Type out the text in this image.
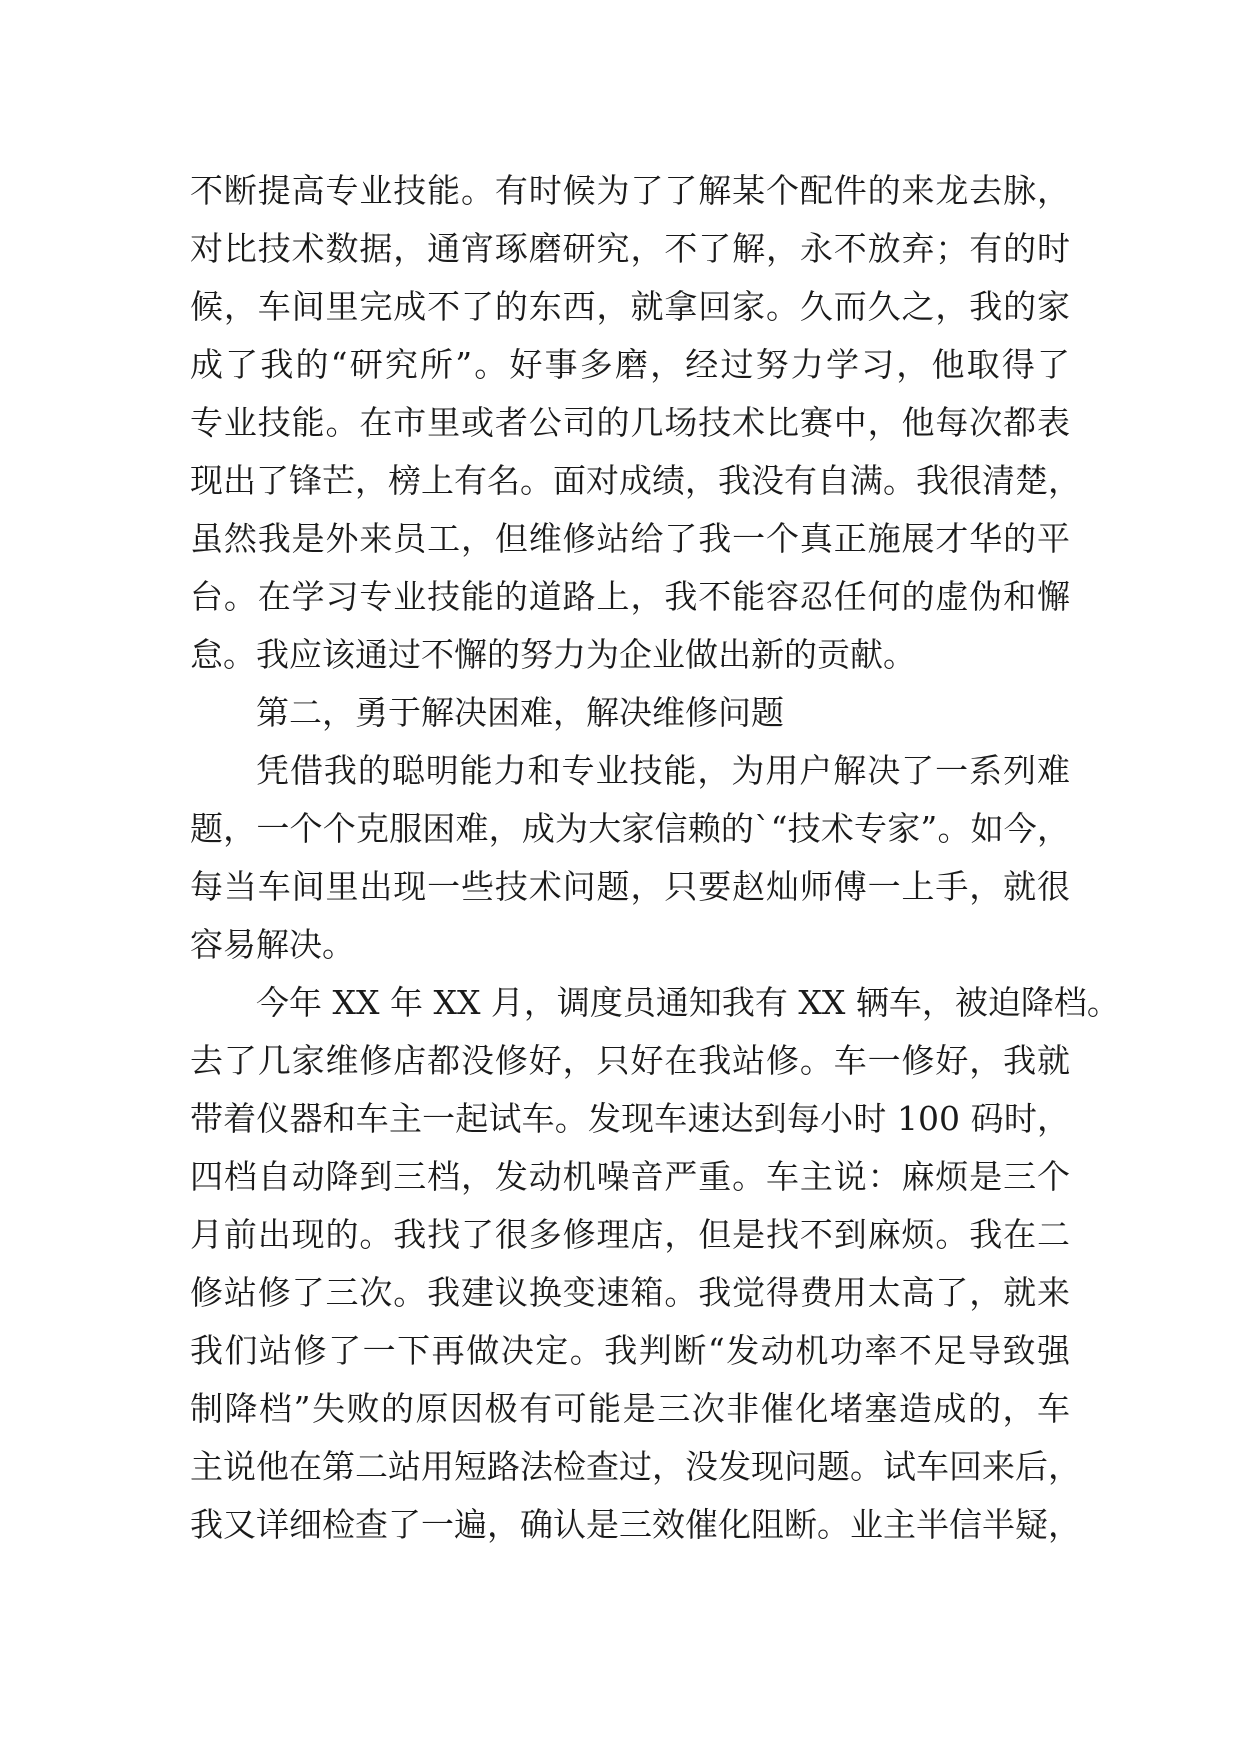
不断提高专业技能。有时候为了了解某个配件的来龙去脉，
对比技术数据，通宵琢磨研究，不了解，永不放弃；有的时
候，车间里完成不了的东西，就拿回家。久而久之，我的家
成了我的“研究所”。好事多磨，经过努力学习，他取得了
专业技能。在市里或者公司的几场技术比赛中，他每次都表
现出了锋芒，榜上有名。面对成绩，我没有自满。我很清楚，
虽然我是外来员工，但维修站给了我一个真正施展才华的平
台。在学习专业技能的道路上，我不能容忍任何的虚伪和懈
怠。我应该通过不懈的努力为企业做出新的贡献。
第二，勇于解决困难，解决维修问题
凭借我的聪明能力和专业技能，为用户解决了一系列难
题，一个个克服困难，成为大家信赖的`“技术专家”。如今，
每当车间里出现一些技术问题，只要赵灿师傅一上手，就很
容易解决。
今年 XX 年 XX 月，调度员通知我有 XX 辆车，被迫降档。
去了几家维修店都没修好，只好在我站修。车一修好，我就
带着仪器和车主一起试车。发现车速达到每小时 100 码时，
四档自动降到三档，发动机噪音严重。车主说：麻烦是三个
月前出现的。我找了很多修理店，但是找不到麻烦。我在二
修站修了三次。我建议换变速箱。我觉得费用太高了，就来
我们站修了一下再做决定。我判断“发动机功率不足导致强
制降档”失败的原因极有可能是三次非催化堵塞造成的，车
主说他在第二站用短路法检查过，没发现问题。试车回来后，
我又详细检查了一遍，确认是三效催化阻断。业主半信半疑，
